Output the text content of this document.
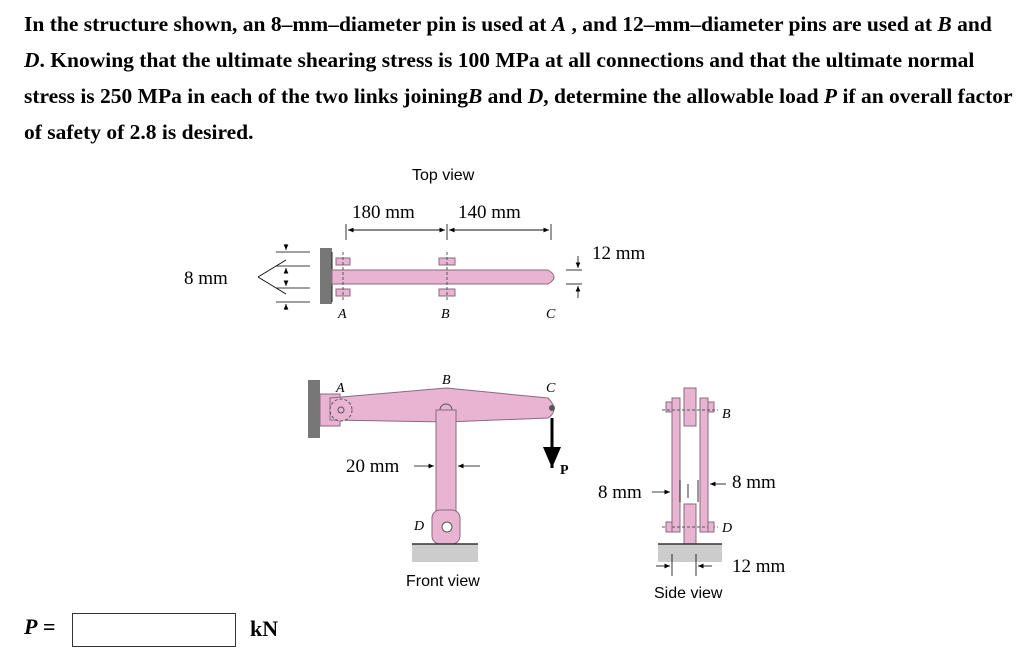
In the structure shown, an 8–mm–diameter pin is used at A , and 12–mm–diameter pins are used at B and D. Knowing that the ultimate shearing stress is 100 MPa at all connections and that the ultimate normal stress is 250 MPa in each of the two links joiningB and D, determine the allowable load P if an overall factor of safety of 2.8 is desired.
Top view
180 mm 140 mm
12 mm
8 mm
A	B	C
P
A
B
C
D
20 mm
Front view
B
D
8 mm	8 mm
12 mm
Side view
P =	kN
